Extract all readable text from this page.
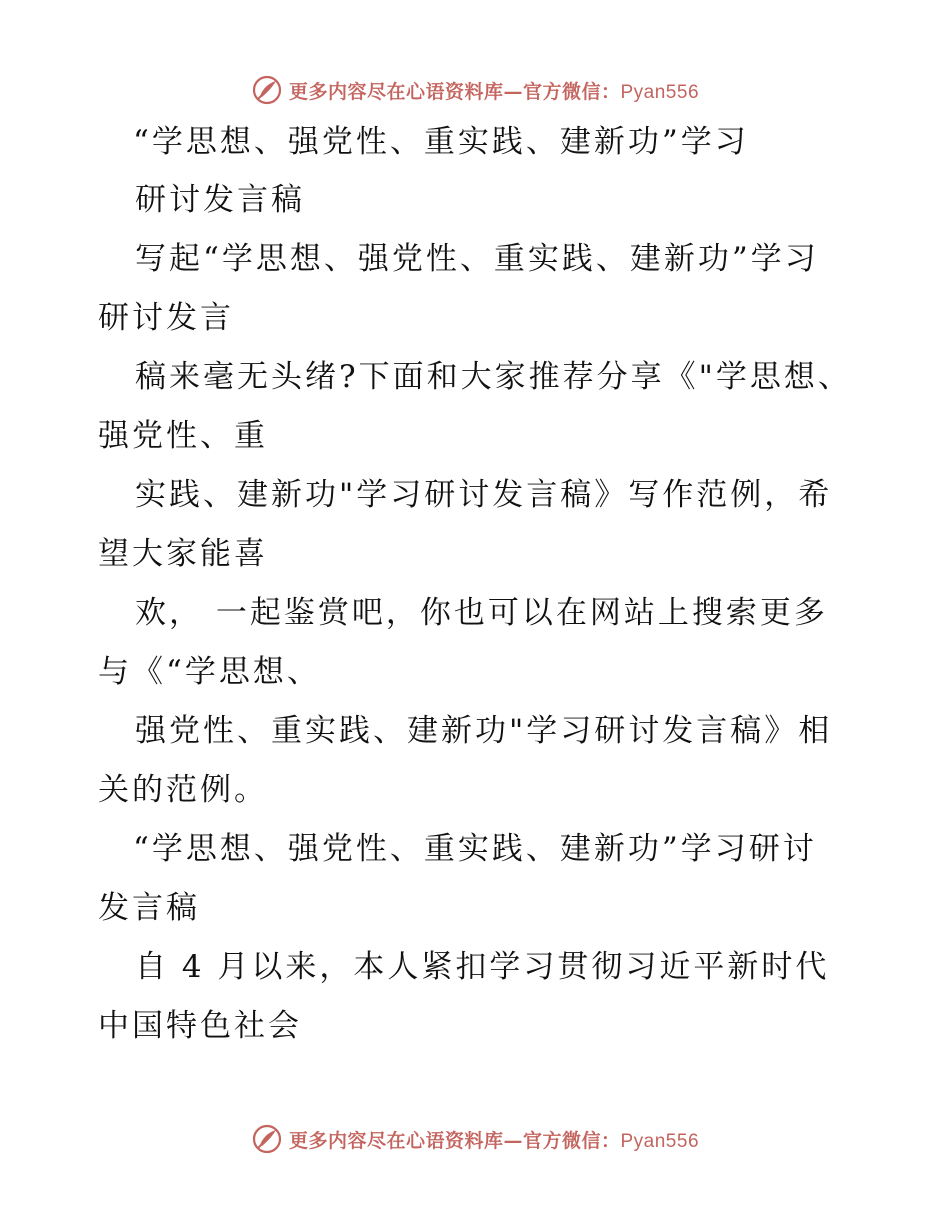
更多内容尽在心语资料库—官方微信：Pyan556
“学思想、强党性、重实践、建新功”学习
研讨发言稿
写起“学思想、强党性、重实践、建新功”学习
研讨发言
稿来毫无头绪?下面和大家推荐分享《"学思想、
强党性、重
实践、建新功"学习研讨发言稿》写作范例，希
望大家能喜
欢， 一起鉴赏吧，你也可以在网站上搜索更多
与《“学思想、
强党性、重实践、建新功"学习研讨发言稿》相
关的范例。
“学思想、强党性、重实践、建新功”学习研讨
发言稿
自 4 月以来，本人紧扣学习贯彻习近平新时代
中国特色社会
更多内容尽在心语资料库—官方微信：Pyan556
